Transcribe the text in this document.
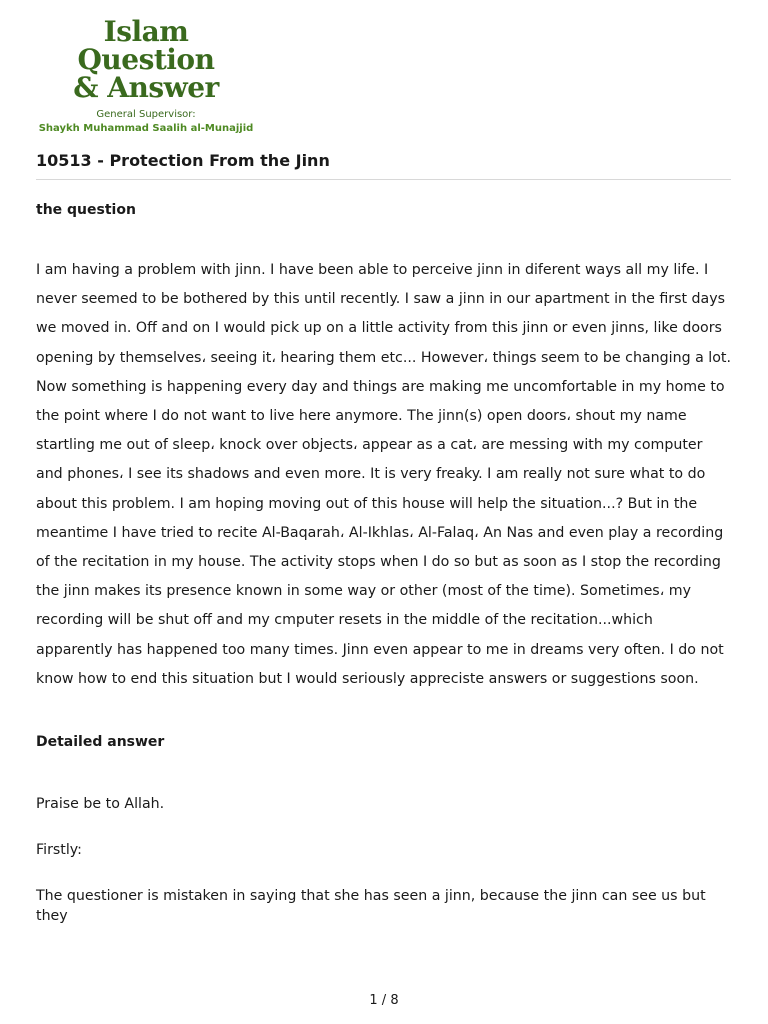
Islam Question
& Answer
General Supervisor:
Shaykh Muhammad Saalih al-Munajjid
10513 - Protection From the Jinn
the question

I am having a problem with jinn. I have been able to perceive jinn in diferent ways all my life. I never seemed to be bothered by this until recently. I saw a jinn in our apartment in the first days we moved in. Off and on I would pick up on a little activity from this jinn or even jinns, like doors opening by themselves، seeing it، hearing them etc... However، things seem to be changing a lot. Now something is happening every day and things are making me uncomfortable in my home to the point where I do not want to live here anymore. The jinn(s) open doors، shout my name startling me out of sleep، knock over objects، appear as a cat، are messing with my computer and phones، I see its shadows and even more. It is very freaky. I am really not sure what to do about this problem. I am hoping moving out of this house will help the situation...? But in the meantime I have tried to recite Al-Baqarah، Al-Ikhlas، Al-Falaq، An Nas and even play a recording of the recitation in my house. The activity stops when I do so but as soon as I stop the recording the jinn makes its presence known in some way or other (most of the time). Sometimes، my recording will be shut off and my cmputer resets in the middle of the recitation...which apparently has happened too many times. Jinn even appear to me in dreams very often. I do not know how to end this situation but I would seriously appreciste answers or suggestions soon.

Detailed answer

Praise be to Allah.

Firstly:

The questioner is mistaken in saying that she has seen a jinn, because the jinn can see us but they

1 / 8
